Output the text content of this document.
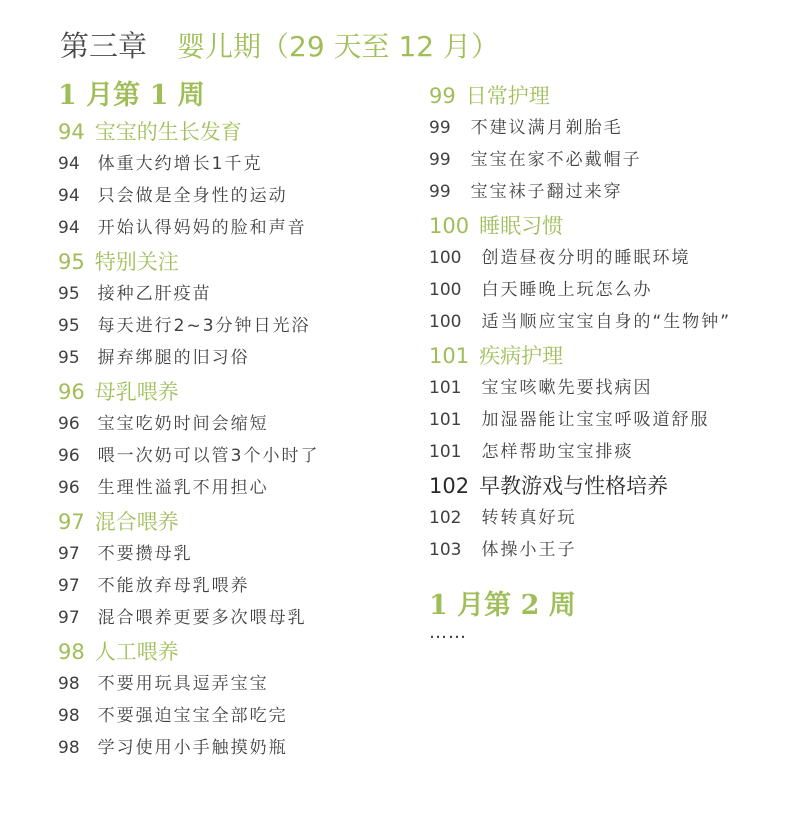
第三章 婴儿期（29 天至 12 月）
1 月第 1 周
94 宝宝的生长发育
94 体重大约增长1千克
94 只会做是全身性的运动
94 开始认得妈妈的脸和声音
95 特别关注
95 接种乙肝疫苗
95 每天进行2~3分钟日光浴
95 摒弃绑腿的旧习俗
96 母乳喂养
96 宝宝吃奶时间会缩短
96 喂一次奶可以管3个小时了
96 生理性溢乳不用担心
97 混合喂养
97 不要攒母乳
97 不能放弃母乳喂养
97 混合喂养更要多次喂母乳
98 人工喂养
98 不要用玩具逗弄宝宝
98 不要强迫宝宝全部吃完
98 学习使用小手触摸奶瓶
99 日常护理
99 不建议满月剃胎毛
99 宝宝在家不必戴帽子
99 宝宝袜子翻过来穿
100 睡眠习惯
100 创造昼夜分明的睡眠环境
100 白天睡晚上玩怎么办
100 适当顺应宝宝自身的“生物钟”
101 疾病护理
101 宝宝咳嗽先要找病因
101 加湿器能让宝宝呼吸道舒服
101 怎样帮助宝宝排痰
102 早教游戏与性格培养
102 转转真好玩
103 体操小王子
1 月第 2 周
……
